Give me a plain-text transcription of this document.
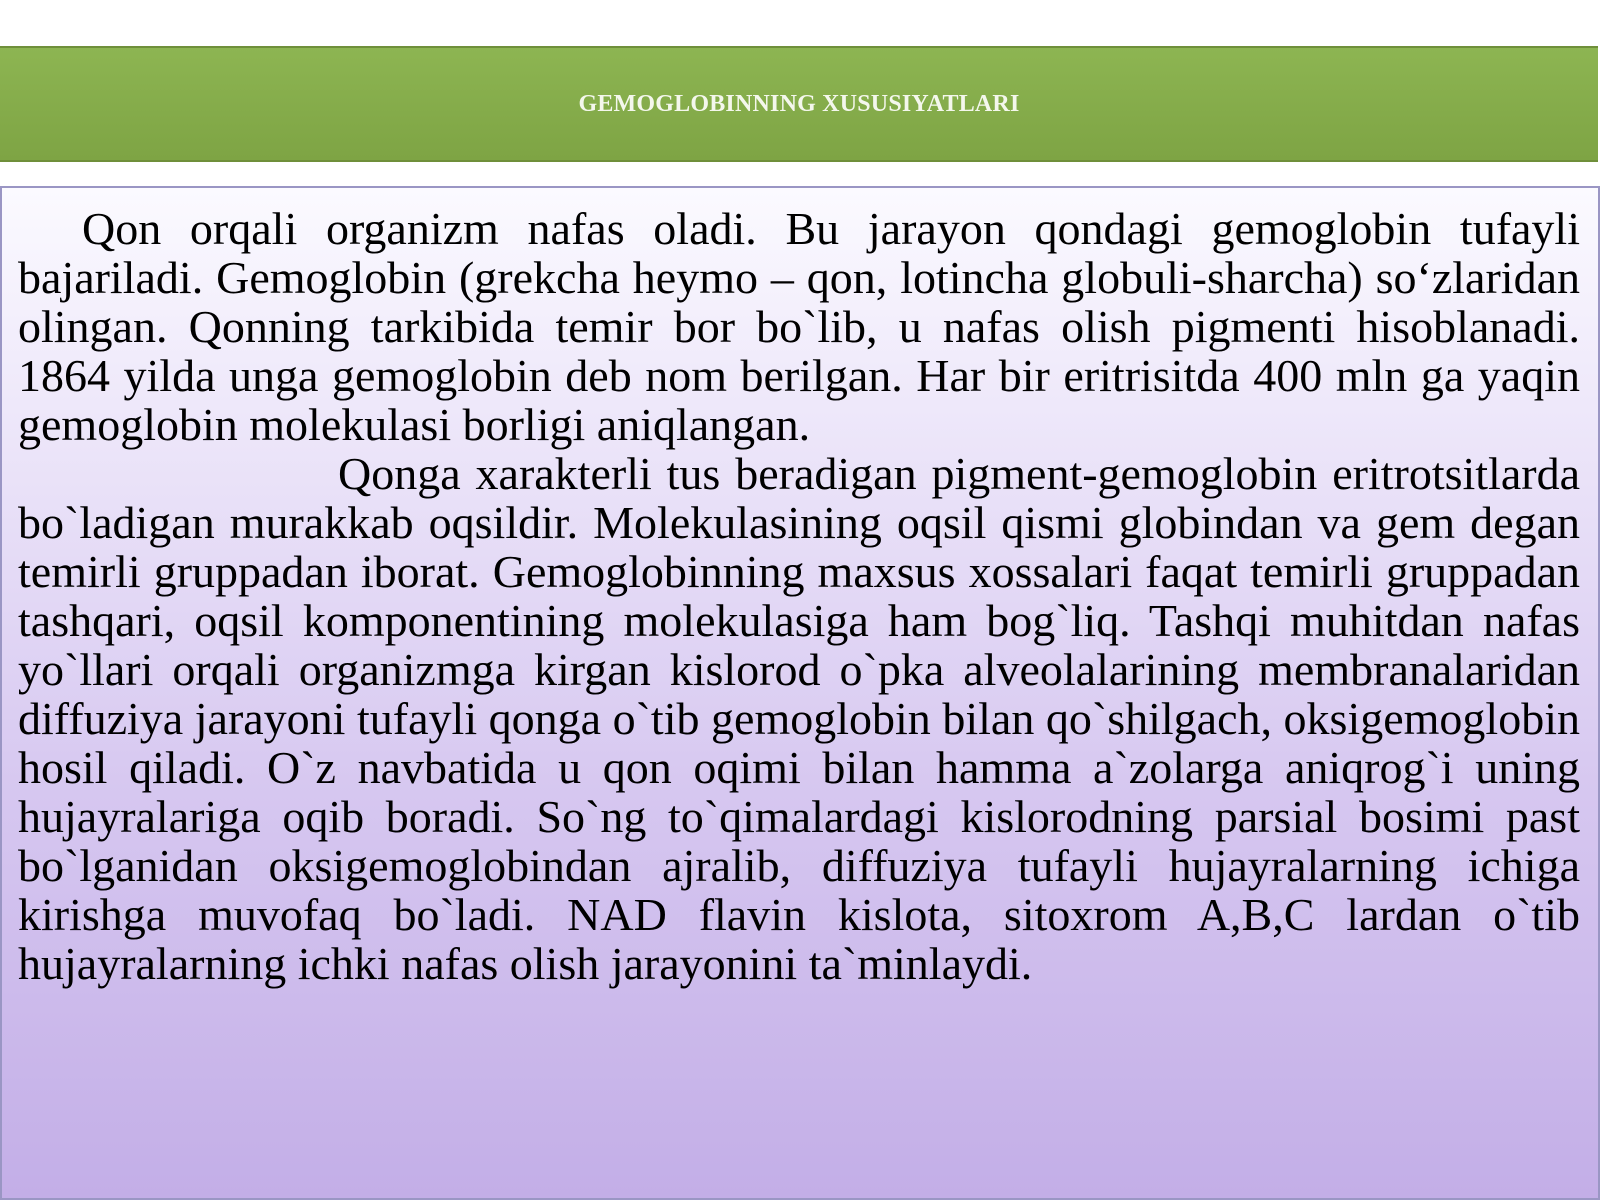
GEMOGLOBINNING XUSUSIYATLARI

Qon orqali organizm nafas oladi. Bu jarayon qondagi gemoglobin tufayli bajariladi. Gemoglobin (grekcha heymo – qon, lotincha globuli-sharcha) so‘zlaridan olingan. Qonning tarkibida temir bor bo`lib, u nafas olish pigmenti hisoblanadi. 1864 yilda unga gemoglobin deb nom berilgan. Har bir eritrisitda 400 mln ga yaqin gemoglobin molekulasi borligi aniqlangan.

Qonga xarakterli tus beradigan pigment-gemoglobin eritrotsitlarda bo`ladigan murakkab oqsildir. Molekulasining oqsil qismi globindan va gem degan temirli gruppadan iborat. Gemoglobinning maxsus xossalari faqat temirli gruppadan tashqari, oqsil komponentining molekulasiga ham bog`liq. Tashqi muhitdan nafas yo`llari orqali organizmga kirgan kislorod o`pka alveolalarining membranalaridan diffuziya jarayoni tufayli qonga o`tib gemoglobin bilan qo`shilgach, oksigemoglobin hosil qiladi. O`z navbatida u qon oqimi bilan hamma a`zolarga aniqrog`i uning hujayralariga oqib boradi. So`ng to`qimalardagi kislorodning parsial bosimi past bo`lganidan oksigemoglobindan ajralib, diffuziya tufayli hujayralarning ichiga kirishga muvofaq bo`ladi. NAD flavin kislota, sitoxrom A,B,C lardan o`tib hujayralarning ichki nafas olish jarayonini ta`minlaydi.
